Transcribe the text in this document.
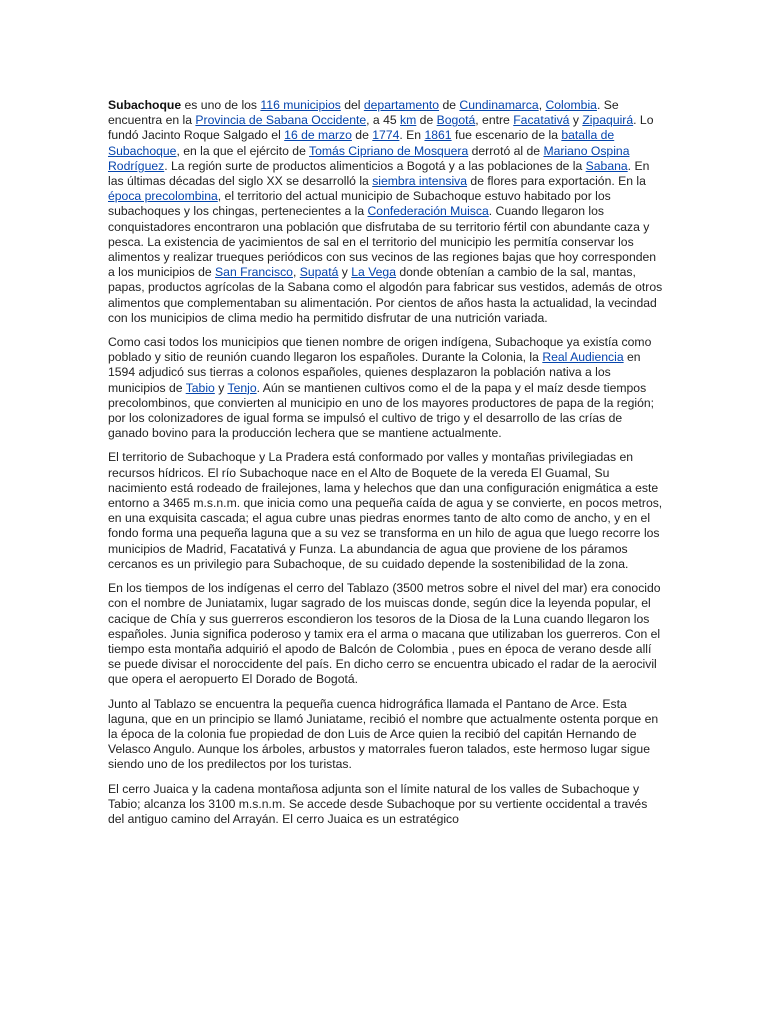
Subachoque es uno de los 116 municipios del departamento de Cundinamarca, Colombia. Se encuentra en la Provincia de Sabana Occidente, a 45 km de Bogotá, entre Facatativá y Zipaquirá. Lo fundó Jacinto Roque Salgado el 16 de marzo de 1774. En 1861 fue escenario de la batalla de Subachoque, en la que el ejército de Tomás Cipriano de Mosquera derrotó al de Mariano Ospina Rodríguez. La región surte de productos alimenticios a Bogotá y a las poblaciones de la Sabana. En las últimas décadas del siglo XX se desarrolló la siembra intensiva de flores para exportación. En la época precolombina, el territorio del actual municipio de Subachoque estuvo habitado por los subachoques y los chingas, pertenecientes a la Confederación Muisca. Cuando llegaron los conquistadores encontraron una población que disfrutaba de su territorio fértil con abundante caza y pesca. La existencia de yacimientos de sal en el territorio del municipio les permitía conservar los alimentos y realizar trueques periódicos con sus vecinos de las regiones bajas que hoy corresponden a los municipios de San Francisco, Supatá y La Vega donde obtenían a cambio de la sal, mantas, papas, productos agrícolas de la Sabana como el algodón para fabricar sus vestidos, además de otros alimentos que complementaban su alimentación. Por cientos de años hasta la actualidad, la vecindad con los municipios de clima medio ha permitido disfrutar de una nutrición variada.

Como casi todos los municipios que tienen nombre de origen indígena, Subachoque ya existía como poblado y sitio de reunión cuando llegaron los españoles. Durante la Colonia, la Real Audiencia en 1594 adjudicó sus tierras a colonos españoles, quienes desplazaron la población nativa a los municipios de Tabio y Tenjo. Aún se mantienen cultivos como el de la papa y el maíz desde tiempos precolombinos, que convierten al municipio en uno de los mayores productores de papa de la región; por los colonizadores de igual forma se impulsó el cultivo de trigo y el desarrollo de las crías de ganado bovino para la producción lechera que se mantiene actualmente.

El territorio de Subachoque y La Pradera está conformado por valles y montañas privilegiadas en recursos hídricos. El río Subachoque nace en el Alto de Boquete de la vereda El Guamal, Su nacimiento está rodeado de frailejones, lama y helechos que dan una configuración enigmática a este entorno a 3465 m.s.n.m. que inicia como una pequeña caída de agua y se convierte, en pocos metros, en una exquisita cascada; el agua cubre unas piedras enormes tanto de alto como de ancho, y en el fondo forma una pequeña laguna que a su vez se transforma en un hilo de agua que luego recorre los municipios de Madrid, Facatativá y Funza. La abundancia de agua que proviene de los páramos cercanos es un privilegio para Subachoque, de su cuidado depende la sostenibilidad de la zona.

En los tiempos de los indígenas el cerro del Tablazo (3500 metros sobre el nivel del mar) era conocido con el nombre de Juniatamix, lugar sagrado de los muiscas donde, según dice la leyenda popular, el cacique de Chía y sus guerreros escondieron los tesoros de la Diosa de la Luna cuando llegaron los españoles. Junia significa poderoso y tamix era el arma o macana que utilizaban los guerreros. Con el tiempo esta montaña adquirió el apodo de Balcón de Colombia , pues en época de verano desde allí se puede divisar el noroccidente del país. En dicho cerro se encuentra ubicado el radar de la aerocivil que opera el aeropuerto El Dorado de Bogotá.

Junto al Tablazo se encuentra la pequeña cuenca hidrográfica llamada el Pantano de Arce. Esta laguna, que en un principio se llamó Juniatame, recibió el nombre que actualmente ostenta porque en la época de la colonia fue propiedad de don Luis de Arce quien la recibió del capitán Hernando de Velasco Angulo. Aunque los árboles, arbustos y matorrales fueron talados, este hermoso lugar sigue siendo uno de los predilectos por los turistas.

El cerro Juaica y la cadena montañosa adjunta son el límite natural de los valles de Subachoque y Tabio; alcanza los 3100 m.s.n.m. Se accede desde Subachoque por su vertiente occidental a través del antiguo camino del Arrayán. El cerro Juaica es un estratégico
